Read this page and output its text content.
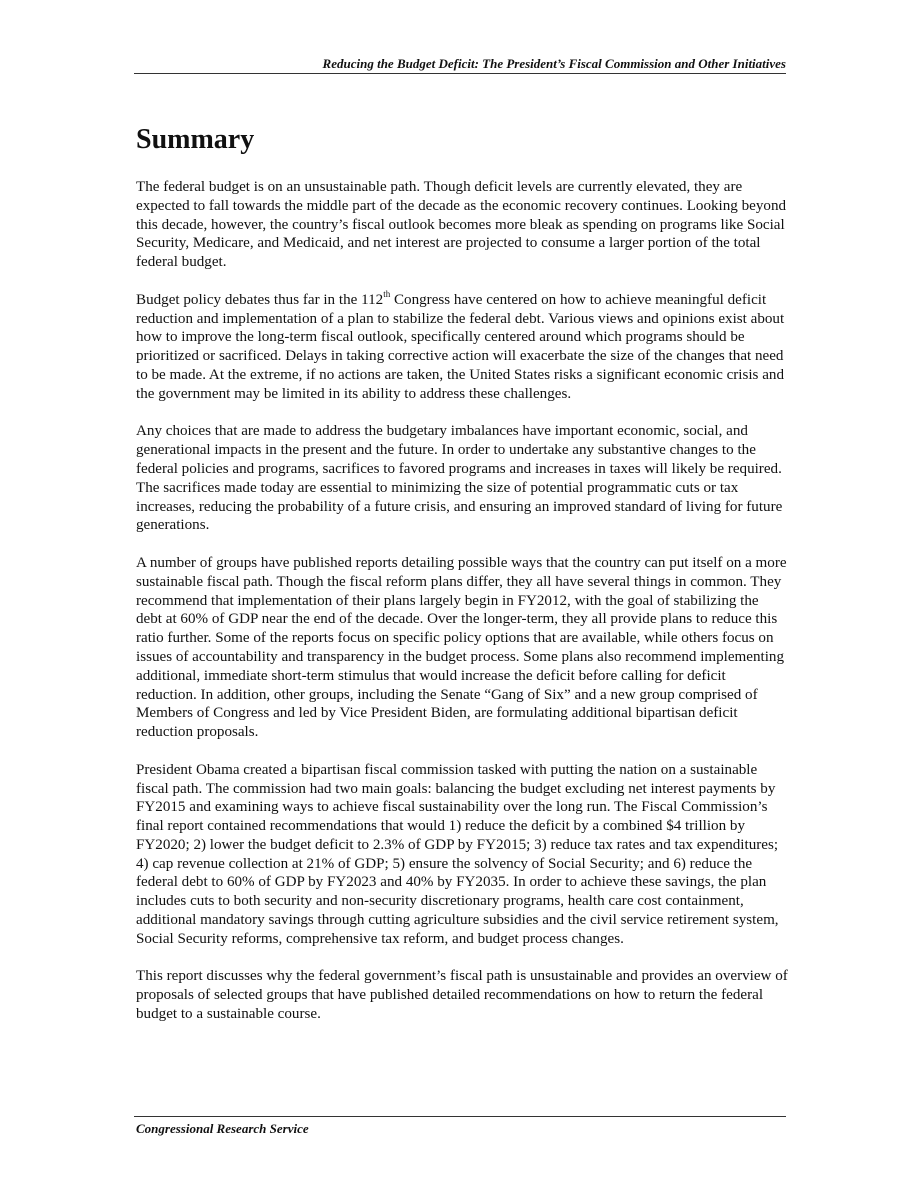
Reducing the Budget Deficit: The President’s Fiscal Commission and Other Initiatives
Summary

The federal budget is on an unsustainable path. Though deficit levels are currently elevated, they are expected to fall towards the middle part of the decade as the economic recovery continues. Looking beyond this decade, however, the country’s fiscal outlook becomes more bleak as spending on programs like Social Security, Medicare, and Medicaid, and net interest are projected to consume a larger portion of the total federal budget.

Budget policy debates thus far in the 112th Congress have centered on how to achieve meaningful deficit reduction and implementation of a plan to stabilize the federal debt. Various views and opinions exist about how to improve the long-term fiscal outlook, specifically centered around which programs should be prioritized or sacrificed. Delays in taking corrective action will exacerbate the size of the changes that need to be made. At the extreme, if no actions are taken, the United States risks a significant economic crisis and the government may be limited in its ability to address these challenges.

Any choices that are made to address the budgetary imbalances have important economic, social, and generational impacts in the present and the future. In order to undertake any substantive changes to the federal policies and programs, sacrifices to favored programs and increases in taxes will likely be required. The sacrifices made today are essential to minimizing the size of potential programmatic cuts or tax increases, reducing the probability of a future crisis, and ensuring an improved standard of living for future generations.

A number of groups have published reports detailing possible ways that the country can put itself on a more sustainable fiscal path. Though the fiscal reform plans differ, they all have several things in common. They recommend that implementation of their plans largely begin in FY2012, with the goal of stabilizing the debt at 60% of GDP near the end of the decade. Over the longer-term, they all provide plans to reduce this ratio further. Some of the reports focus on specific policy options that are available, while others focus on issues of accountability and transparency in the budget process. Some plans also recommend implementing additional, immediate short-term stimulus that would increase the deficit before calling for deficit reduction. In addition, other groups, including the Senate “Gang of Six” and a new group comprised of Members of Congress and led by Vice President Biden, are formulating additional bipartisan deficit reduction proposals.

President Obama created a bipartisan fiscal commission tasked with putting the nation on a sustainable fiscal path. The commission had two main goals: balancing the budget excluding net interest payments by FY2015 and examining ways to achieve fiscal sustainability over the long run. The Fiscal Commission’s final report contained recommendations that would 1) reduce the deficit by a combined $4 trillion by FY2020; 2) lower the budget deficit to 2.3% of GDP by FY2015; 3) reduce tax rates and tax expenditures; 4) cap revenue collection at 21% of GDP; 5) ensure the solvency of Social Security; and 6) reduce the federal debt to 60% of GDP by FY2023 and 40% by FY2035. In order to achieve these savings, the plan includes cuts to both security and non-security discretionary programs, health care cost containment, additional mandatory savings through cutting agriculture subsidies and the civil service retirement system, Social Security reforms, comprehensive tax reform, and budget process changes.

This report discusses why the federal government’s fiscal path is unsustainable and provides an overview of proposals of selected groups that have published detailed recommendations on how to return the federal budget to a sustainable course.

Congressional Research Service
